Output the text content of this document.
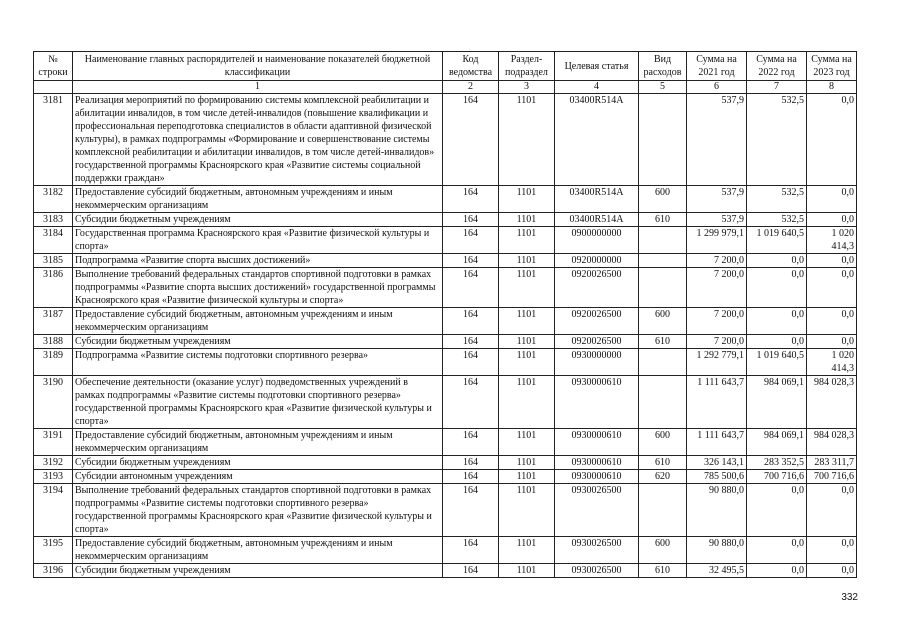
№ строки	Наименование главных распорядителей и наименование показателей бюджетной классификации	Код ведомства	Раздел-подраздел	Целевая статья	Вид расходов	Сумма на 2021 год	Сумма на 2022 год	Сумма на 2023 год
	1	2	3	4	5	6	7	8
3181	Реализация мероприятий по формированию системы комплексной реабилитации и абилитации инвалидов, в том числе детей-инвалидов (повышение квалификации и профессиональная переподготовка специалистов в области адаптивной физической культуры), в рамках подпрограммы «Формирование и совершенствование системы комплексной реабилитации и абилитации инвалидов, в том числе детей-инвалидов» государственной программы Красноярского края «Развитие системы социальной поддержки граждан»	164	1101	03400R514A		537,9	532,5	0,0
3182	Предоставление субсидий бюджетным, автономным учреждениям и иным некоммерческим организациям	164	1101	03400R514A	600	537,9	532,5	0,0
3183	Субсидии бюджетным учреждениям	164	1101	03400R514A	610	537,9	532,5	0,0
3184	Государственная программа Красноярского края «Развитие физической культуры и спорта»	164	1101	0900000000		1 299 979,1	1 019 640,5	1 020 414,3
3185	Подпрограмма «Развитие спорта высших достижений»	164	1101	0920000000		7 200,0	0,0	0,0
3186	Выполнение требований федеральных стандартов спортивной подготовки в рамках подпрограммы «Развитие спорта высших достижений» государственной программы Красноярского края «Развитие физической культуры и спорта»	164	1101	0920026500		7 200,0	0,0	0,0
3187	Предоставление субсидий бюджетным, автономным учреждениям и иным некоммерческим организациям	164	1101	0920026500	600	7 200,0	0,0	0,0
3188	Субсидии бюджетным учреждениям	164	1101	0920026500	610	7 200,0	0,0	0,0
3189	Подпрограмма «Развитие системы подготовки спортивного резерва»	164	1101	0930000000		1 292 779,1	1 019 640,5	1 020 414,3
3190	Обеспечение деятельности (оказание услуг) подведомственных учреждений в рамках подпрограммы «Развитие системы подготовки спортивного резерва» государственной программы Красноярского края «Развитие физической культуры и спорта»	164	1101	0930000610		1 111 643,7	984 069,1	984 028,3
3191	Предоставление субсидий бюджетным, автономным учреждениям и иным некоммерческим организациям	164	1101	0930000610	600	1 111 643,7	984 069,1	984 028,3
3192	Субсидии бюджетным учреждениям	164	1101	0930000610	610	326 143,1	283 352,5	283 311,7
3193	Субсидии автономным учреждениям	164	1101	0930000610	620	785 500,6	700 716,6	700 716,6
3194	Выполнение требований федеральных стандартов спортивной подготовки в рамках подпрограммы «Развитие системы подготовки спортивного резерва» государственной программы Красноярского края «Развитие физической культуры и спорта»	164	1101	0930026500		90 880,0	0,0	0,0
3195	Предоставление субсидий бюджетным, автономным учреждениям и иным некоммерческим организациям	164	1101	0930026500	600	90 880,0	0,0	0,0
3196	Субсидии бюджетным учреждениям	164	1101	0930026500	610	32 495,5	0,0	0,0
332
